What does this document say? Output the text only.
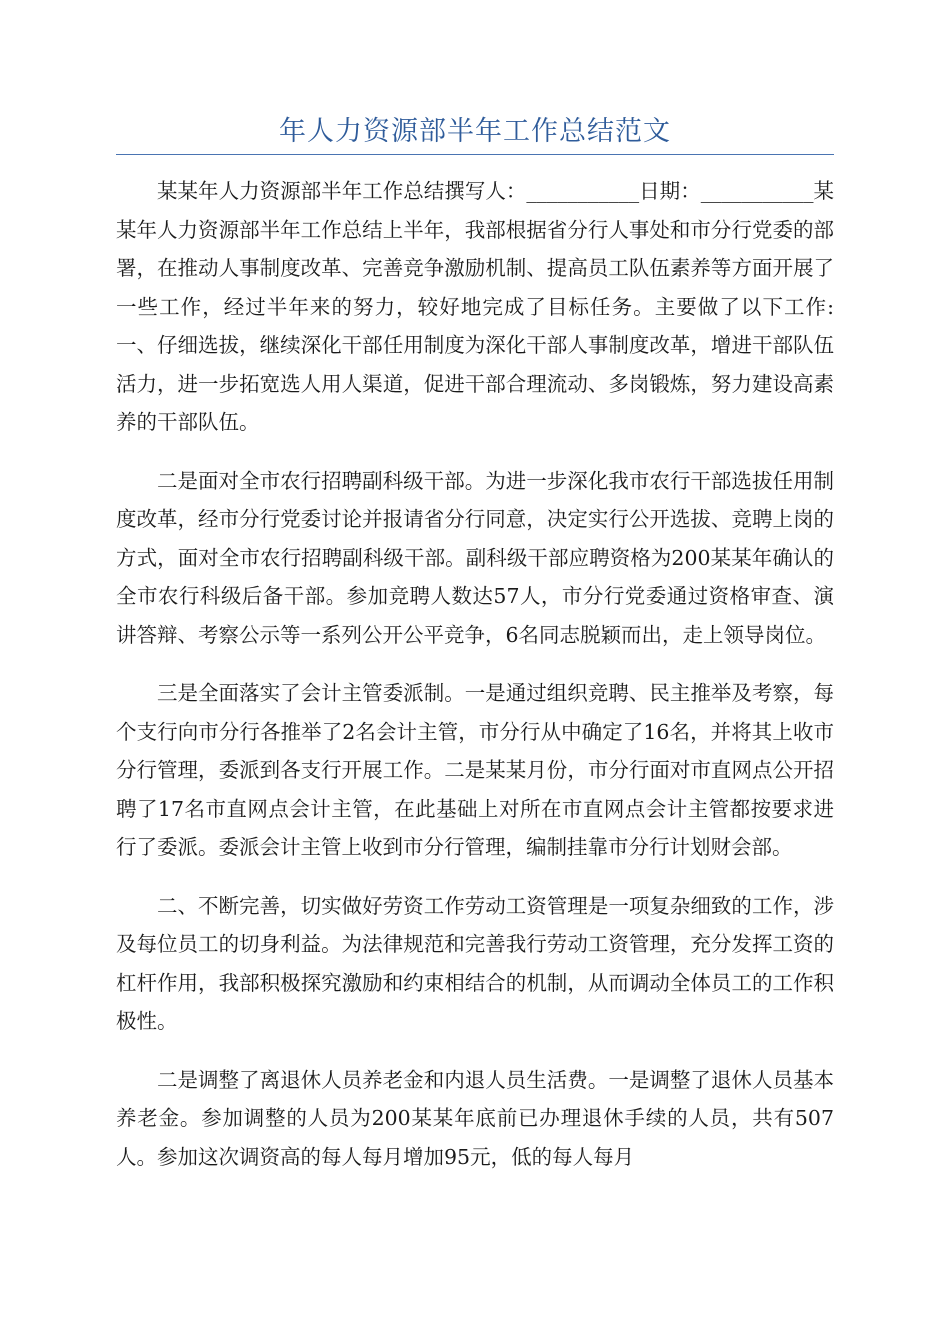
年人力资源部半年工作总结范文

某某年人力资源部半年工作总结撰写人：___________日期：___________某某年人力资源部半年工作总结上半年，我部根据省分行人事处和市分行党委的部署，在推动人事制度改革、完善竞争激励机制、提高员工队伍素养等方面开展了一些工作，经过半年来的努力，较好地完成了目标任务。主要做了以下工作:一、仔细选拔，继续深化干部任用制度为深化干部人事制度改革，增进干部队伍活力，进一步拓宽选人用人渠道，促进干部合理流动、多岗锻炼，努力建设高素养的干部队伍。

二是面对全市农行招聘副科级干部。为进一步深化我市农行干部选拔任用制度改革，经市分行党委讨论并报请省分行同意，决定实行公开选拔、竞聘上岗的方式，面对全市农行招聘副科级干部。副科级干部应聘资格为200某某年确认的全市农行科级后备干部。参加竞聘人数达57人，市分行党委通过资格审查、演讲答辩、考察公示等一系列公开公平竞争，6名同志脱颖而出，走上领导岗位。

三是全面落实了会计主管委派制。一是通过组织竞聘、民主推举及考察，每个支行向市分行各推举了2名会计主管，市分行从中确定了16名，并将其上收市分行管理，委派到各支行开展工作。二是某某月份，市分行面对市直网点公开招聘了17名市直网点会计主管，在此基础上对所在市直网点会计主管都按要求进行了委派。委派会计主管上收到市分行管理，编制挂靠市分行计划财会部。

二、不断完善，切实做好劳资工作劳动工资管理是一项复杂细致的工作，涉及每位员工的切身利益。为法律规范和完善我行劳动工资管理，充分发挥工资的杠杆作用，我部积极探究激励和约束相结合的机制，从而调动全体员工的工作积极性。

二是调整了离退休人员养老金和内退人员生活费。一是调整了退休人员基本养老金。参加调整的人员为200某某年底前已办理退休手续的人员，共有507人。参加这次调资高的每人每月增加95元，低的每人每月
